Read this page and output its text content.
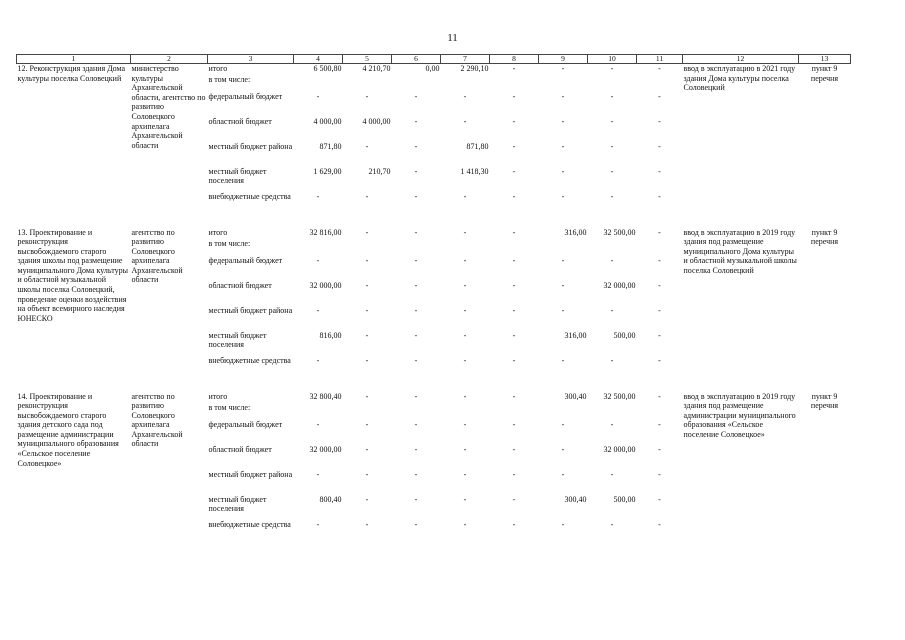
11
1	2	3	4	5	6	7	8	9	10	11	12	13
12. Реконструкция здания Дома культуры поселка Соловецкий	министерство культуры Архангельской области, агентство по развитию Соловецкого архипелага Архангельской области	итого	6 500,80	4 210,70	0,00	2 290,10	-	-	-	-	ввод в эксплуатацию в 2021 году здания Дома культуры поселка Соловецкий	пункт 9 перечня
		в том числе:										
		федеральный бюджет	-	-	-	-	-	-	-	-		
		областной бюджет	4 000,00	4 000,00	-	-	-	-	-	-		
		местный бюджет района	871,80	-	-	871,80	-	-	-	-		
		местный бюджет поселения	1 629,00	210,70	-	1 418,30	-	-	-	-		
		внебюджетные средства	-	-	-	-	-	-	-	-		

13. Проектирование и реконструкция высвобождаемого старого здания школы под размещение муниципального Дома культуры и областной музыкальной школы поселка Соловецкий, проведение оценки воздействия на объект всемирного наследия ЮНЕСКО	агентство по развитию Соловецкого архипелага Архангельской области	итого	32 816,00	-	-	-	-	316,00	32 500,00	-	ввод в эксплуатацию в 2019 году здания под размещение муниципального Дома культуры и областной музыкальной школы поселка Соловецкий	пункт 9 перечня
		в том числе:										
		федеральный бюджет	-	-	-	-	-	-	-	-		
		областной бюджет	32 000,00	-	-	-	-	-	32 000,00	-		
		местный бюджет района	-	-	-	-	-	-	-	-		
		местный бюджет поселения	816,00	-	-	-	-	316,00	500,00	-		
		внебюджетные средства	-	-	-	-	-	-	-	-		

14. Проектирование и реконструкция высвобождаемого старого здания детского сада под размещение администрации муниципального образования «Сельское поселение Соловецкое»	агентство по развитию Соловецкого архипелага Архангельской области	итого	32 800,40	-	-	-	-	300,40	32 500,00	-	ввод в эксплуатацию в 2019 году здания под размещение администрации муниципального образования «Сельское поселение Соловецкое»	пункт 9 перечня
		в том числе:										
		федеральный бюджет	-	-	-	-	-	-	-	-		
		областной бюджет	32 000,00	-	-	-	-	-	32 000,00	-		
		местный бюджет района	-	-	-	-	-	-	-	-		
		местный бюджет поселения	800,40	-	-	-	-	300,40	500,00	-		
		внебюджетные средства	-	-	-	-	-	-	-	-		
